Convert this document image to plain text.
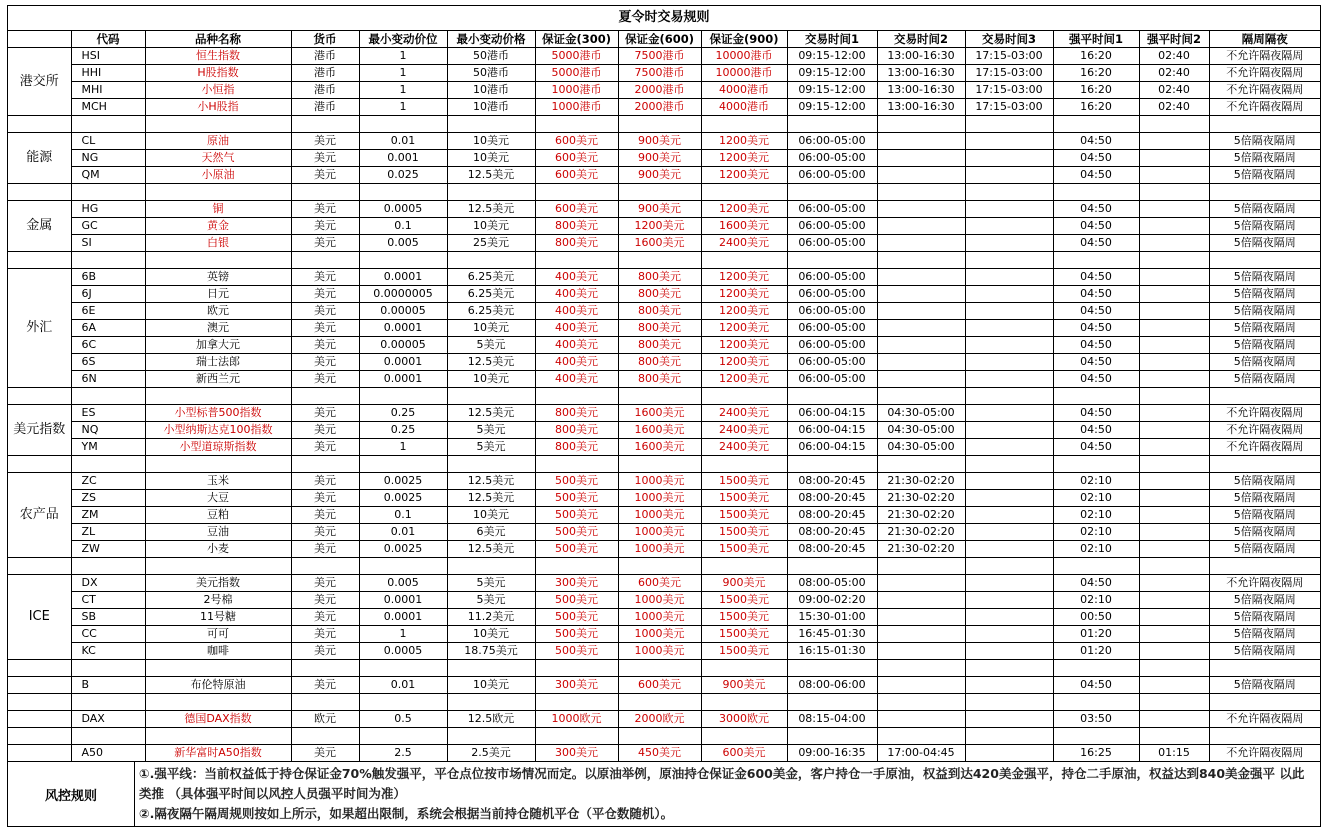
夏令时交易规则
	代码	品种名称	货币	最小变动价位	最小变动价格	保证金(300)	保证金(600)	保证金(900)	交易时间1	交易时间2	交易时间3	强平时间1	强平时间2	隔周隔夜
港交所	HSI	恒生指数	港币	1	50港币	5000港币	7500港币	10000港币	09:15-12:00	13:00-16:30	17:15-03:00	16:20	02:40	不允许隔夜隔周
	HHI	H股指数	港币	1	50港币	5000港币	7500港币	10000港币	09:15-12:00	13:00-16:30	17:15-03:00	16:20	02:40	不允许隔夜隔周
	MHI	小恒指	港币	1	10港币	1000港币	2000港币	4000港币	09:15-12:00	13:00-16:30	17:15-03:00	16:20	02:40	不允许隔夜隔周
	MCH	小H股指	港币	1	10港币	1000港币	2000港币	4000港币	09:15-12:00	13:00-16:30	17:15-03:00	16:20	02:40	不允许隔夜隔周

能源	CL	原油	美元	0.01	10美元	600美元	900美元	1200美元	06:00-05:00			04:50		5倍隔夜隔周
	NG	天然气	美元	0.001	10美元	600美元	900美元	1200美元	06:00-05:00			04:50		5倍隔夜隔周
	QM	小原油	美元	0.025	12.5美元	600美元	900美元	1200美元	06:00-05:00			04:50		5倍隔夜隔周

金属	HG	铜	美元	0.0005	12.5美元	600美元	900美元	1200美元	06:00-05:00			04:50		5倍隔夜隔周
	GC	黄金	美元	0.1	10美元	800美元	1200美元	1600美元	06:00-05:00			04:50		5倍隔夜隔周
	SI	白银	美元	0.005	25美元	800美元	1600美元	2400美元	06:00-05:00			04:50		5倍隔夜隔周

外汇	6B	英镑	美元	0.0001	6.25美元	400美元	800美元	1200美元	06:00-05:00			04:50		5倍隔夜隔周
	6J	日元	美元	0.0000005	6.25美元	400美元	800美元	1200美元	06:00-05:00			04:50		5倍隔夜隔周
	6E	欧元	美元	0.00005	6.25美元	400美元	800美元	1200美元	06:00-05:00			04:50		5倍隔夜隔周
	6A	澳元	美元	0.0001	10美元	400美元	800美元	1200美元	06:00-05:00			04:50		5倍隔夜隔周
	6C	加拿大元	美元	0.00005	5美元	400美元	800美元	1200美元	06:00-05:00			04:50		5倍隔夜隔周
	6S	瑞士法郎	美元	0.0001	12.5美元	400美元	800美元	1200美元	06:00-05:00			04:50		5倍隔夜隔周
	6N	新西兰元	美元	0.0001	10美元	400美元	800美元	1200美元	06:00-05:00			04:50		5倍隔夜隔周

美元指数	ES	小型标普500指数	美元	0.25	12.5美元	800美元	1600美元	2400美元	06:00-04:15	04:30-05:00		04:50		不允许隔夜隔周
	NQ	小型纳斯达克100指数	美元	0.25	5美元	800美元	1600美元	2400美元	06:00-04:15	04:30-05:00		04:50		不允许隔夜隔周
	YM	小型道琼斯指数	美元	1	5美元	800美元	1600美元	2400美元	06:00-04:15	04:30-05:00		04:50		不允许隔夜隔周

农产品	ZC	玉米	美元	0.0025	12.5美元	500美元	1000美元	1500美元	08:00-20:45	21:30-02:20		02:10		5倍隔夜隔周
	ZS	大豆	美元	0.0025	12.5美元	500美元	1000美元	1500美元	08:00-20:45	21:30-02:20		02:10		5倍隔夜隔周
	ZM	豆粕	美元	0.1	10美元	500美元	1000美元	1500美元	08:00-20:45	21:30-02:20		02:10		5倍隔夜隔周
	ZL	豆油	美元	0.01	6美元	500美元	1000美元	1500美元	08:00-20:45	21:30-02:20		02:10		5倍隔夜隔周
	ZW	小麦	美元	0.0025	12.5美元	500美元	1000美元	1500美元	08:00-20:45	21:30-02:20		02:10		5倍隔夜隔周

ICE	DX	美元指数	美元	0.005	5美元	300美元	600美元	900美元	08:00-05:00			04:50		不允许隔夜隔周
	CT	2号棉	美元	0.0001	5美元	500美元	1000美元	1500美元	09:00-02:20			02:10		5倍隔夜隔周
	SB	11号糖	美元	0.0001	11.2美元	500美元	1000美元	1500美元	15:30-01:00			00:50		5倍隔夜隔周
	CC	可可	美元	1	10美元	500美元	1000美元	1500美元	16:45-01:30			01:20		5倍隔夜隔周
	KC	咖啡	美元	0.0005	18.75美元	500美元	1000美元	1500美元	16:15-01:30			01:20		5倍隔夜隔周

	B	布伦特原油	美元	0.01	10美元	300美元	600美元	900美元	08:00-06:00			04:50		5倍隔夜隔周

	DAX	德国DAX指数	欧元	0.5	12.5欧元	1000欧元	2000欧元	3000欧元	08:15-04:00			03:50		不允许隔夜隔周

	A50	新华富时A50指数	美元	2.5	2.5美元	300美元	450美元	600美元	09:00-16:35	17:00-04:45		16:25	01:15	不允许隔夜隔周
风控规则
①.强平线：当前权益低于持仓保证金70%触发强平，平仓点位按市场情况而定。以原油举例，原油持仓保证金600美金，客户持仓一手原油，权益到达420美金强平，持仓二手原油，权益达到840美金强平 以此类推 （具体强平时间以风控人员强平时间为准）
②.隔夜隔午隔周规则按如上所示，如果超出限制，系统会根据当前持仓随机平仓（平仓数随机）。
